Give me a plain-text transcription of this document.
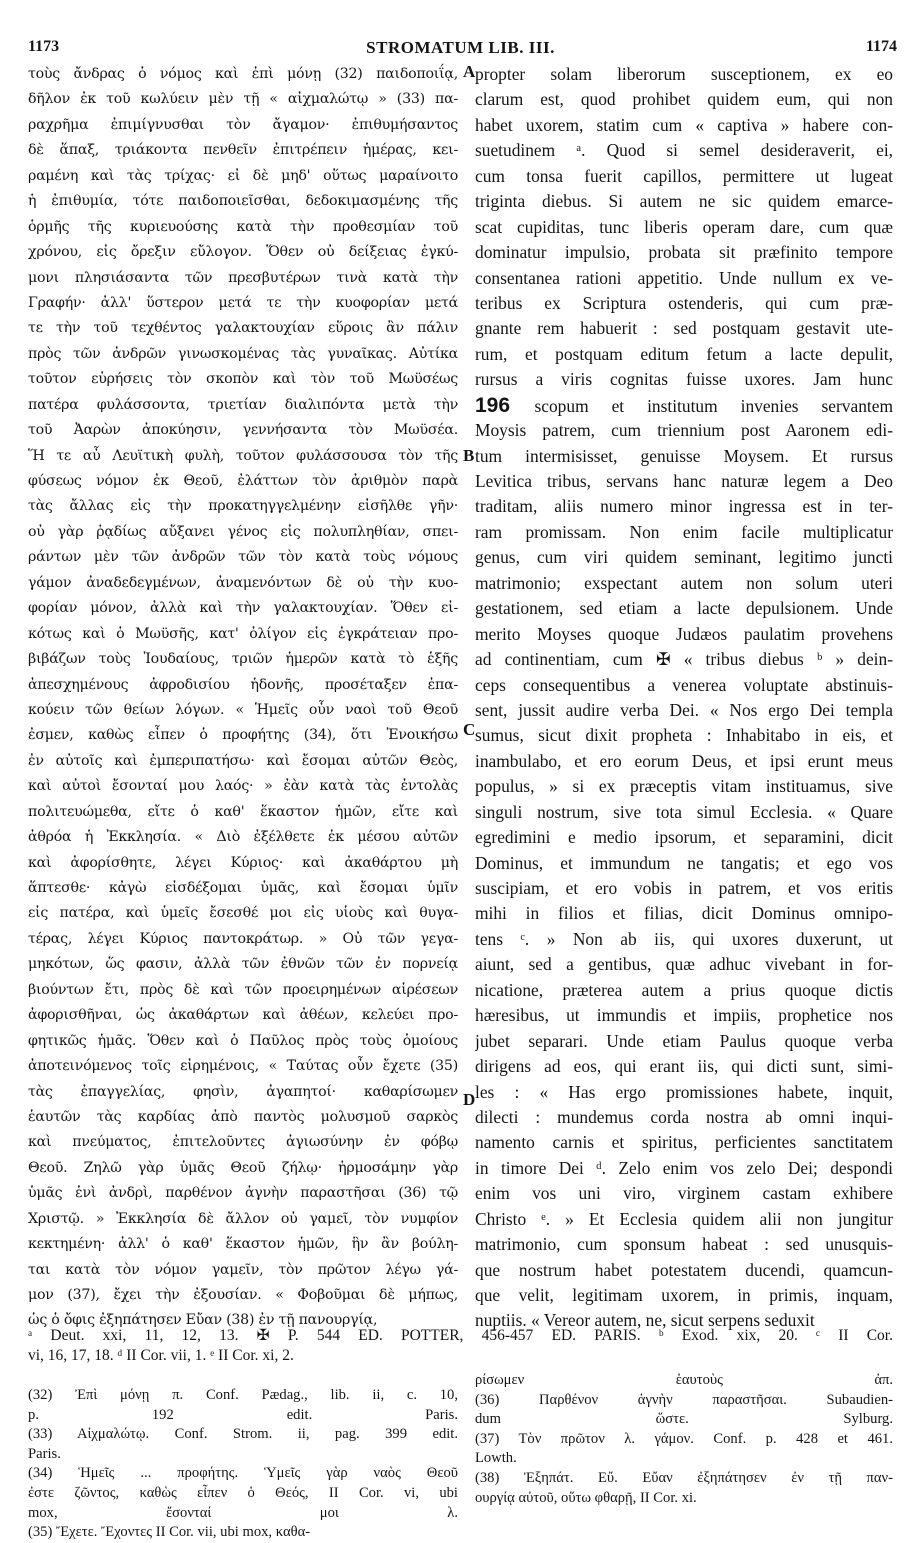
1173	STROMATUM LIB. III.	1174
τοὺς ἄνδρας ὁ νόμος καὶ ἐπὶ μόνῃ (32) παιδοποιΐᾳ,
δῆλον ἐκ τοῦ κωλύειν μὲν τῇ « αἰχμαλώτῳ » (33) πα-
ραχρῆμα ἐπιμίγνυσθαι τὸν ἄγαμον· ἐπιθυμήσαντος
δὲ ἅπαξ, τριάκοντα πενθεῖν ἐπιτρέπειν ἡμέρας, κει-
ραμένη καὶ τὰς τρίχας· εἰ δὲ μηδ' οὕτως μαραίνοιτο
ἡ ἐπιθυμία, τότε παιδοποιεῖσθαι, δεδοκιμασμένης τῆς
ὁρμῆς τῆς κυριευούσης κατὰ τὴν προθεσμίαν τοῦ
χρόνου, εἰς ὄρεξιν εὔλογον. Ὅθεν οὐ δείξειας ἐγκύ-
μονι πλησιάσαντα τῶν πρεσβυτέρων τινὰ κατὰ τὴν
Γραφήν· ἀλλ' ὕστερον μετά τε τὴν κυοφορίαν μετά
τε τὴν τοῦ τεχθέντος γαλακτουχίαν εὕροις ἂν πάλιν
πρὸς τῶν ἀνδρῶν γινωσκομένας τὰς γυναῖκας. Αὐτίκα
τοῦτον εὑρήσεις τὸν σκοπὸν καὶ τὸν τοῦ Μωϋσέως
πατέρα φυλάσσοντα, τριετίαν διαλιπόντα μετὰ τὴν
τοῦ Ἀαρὼν ἀποκύησιν, γεννήσαντα τὸν Μωϋσέα.
Ἥ τε αὖ Λευϊτικὴ φυλὴ, τοῦτον φυλάσσουσα τὸν τῆς
φύσεως νόμον ἐκ Θεοῦ, ἐλάττων τὸν ἀριθμὸν παρὰ
τὰς ἄλλας εἰς τὴν προκατηγγελμένην εἰσῆλθε γῆν·
οὐ γὰρ ῥᾳδίως αὔξανει γένος εἰς πολυπληθίαν, σπει-
ράντων μὲν τῶν ἀνδρῶν τῶν τὸν κατὰ τοὺς νόμους
γάμον ἀναδεδεγμένων, ἀναμενόντων δὲ οὐ τὴν κυο-
φορίαν μόνον, ἀλλὰ καὶ τὴν γαλακτουχίαν. Ὅθεν εἰ-
κότως καὶ ὁ Μωϋσῆς, κατ' ὀλίγον εἰς ἐγκράτειαν προ-
βιβάζων τοὺς Ἰουδαίους, τριῶν ἡμερῶν κατὰ τὸ ἑξῆς
ἀπεσχημένους ἀφροδισίου ἡδονῆς, προσέταξεν ἐπα-
κούειν τῶν θείων λόγων. « Ἡμεῖς οὖν ναοὶ τοῦ Θεοῦ
ἐσμεν, καθὼς εἶπεν ὁ προφήτης (34), ὅτι Ἐνοικήσω
ἐν αὐτοῖς καὶ ἐμπεριπατήσω· καὶ ἔσομαι αὐτῶν Θεὸς,
καὶ αὐτοὶ ἔσονταί μου λαός· » ἐὰν κατὰ τὰς ἐντολὰς
πολιτευώμεθα, εἴτε ὁ καθ' ἕκαστον ἡμῶν, εἴτε καὶ
ἀθρόα ἡ Ἐκκλησία. « Διὸ ἐξέλθετε ἐκ μέσου αὐτῶν
καὶ ἀφορίσθητε, λέγει Κύριος· καὶ ἀκαθάρτου μὴ
ἅπτεσθε· κἀγὼ εἰσδέξομαι ὑμᾶς, καὶ ἔσομαι ὑμῖν
εἰς πατέρα, καὶ ὑμεῖς ἔσεσθέ μοι εἰς υἱοὺς καὶ θυγα-
τέρας, λέγει Κύριος παντοκράτωρ. » Οὐ τῶν γεγα-
μηκότων, ὥς φασιν, ἀλλὰ τῶν ἐθνῶν τῶν ἐν πορνείᾳ
βιούντων ἔτι, πρὸς δὲ καὶ τῶν προειρημένων αἱρέσεων
ἀφορισθῆναι, ὡς ἀκαθάρτων καὶ ἀθέων, κελεύει προ-
φητικῶς ἡμᾶς. Ὅθεν καὶ ὁ Παῦλος πρὸς τοὺς ὁμοίους
ἀποτεινόμενος τοῖς εἰρημένοις, « Ταύτας οὖν ἔχετε (35)
τὰς ἐπαγγελίας, φησὶν, ἀγαπητοί· καθαρίσωμεν
ἑαυτῶν τὰς καρδίας ἀπὸ παντὸς μολυσμοῦ σαρκὸς
καὶ πνεύματος, ἐπιτελοῦντες ἁγιωσύνην ἐν φόβῳ
Θεοῦ. Ζηλῶ γὰρ ὑμᾶς Θεοῦ ζήλῳ· ἡρμοσάμην γὰρ
ὑμᾶς ἑνὶ ἀνδρὶ, παρθένον ἁγνὴν παραστῆσαι (36) τῷ
Χριστῷ. » Ἐκκλησία δὲ ἄλλον οὐ γαμεῖ, τὸν νυμφίον
κεκτημένη· ἀλλ' ὁ καθ' ἕκαστον ἡμῶν, ἣν ἂν βούλη-
ται κατὰ τὸν νόμον γαμεῖν, τὸν πρῶτον λέγω γά-
μον (37), ἔχει τὴν ἐξουσίαν. « Φοβοῦμαι δὲ μήπως,
ὡς ὁ ὄφις ἐξηπάτησεν Εὔαν (38) ἐν τῇ πανουργίᾳ,
propter solam liberorum susceptionem, ex eo
clarum est, quod prohibet quidem eum, qui non
habet uxorem, statim cum « captiva » habere con-
suetudinem ᵃ. Quod si semel desideraverit, ei,
cum tonsa fuerit capillos, permittere ut lugeat
triginta diebus. Si autem ne sic quidem emarce-
scat cupiditas, tunc liberis operam dare, cum quæ
dominatur impulsio, probata sit præfinito tempore
consentanea rationi appetitio. Unde nullum ex ve-
teribus ex Scriptura ostenderis, qui cum præ-
gnante rem habuerit : sed postquam gestavit ute-
rum, et postquam editum fetum a lacte depulit,
rursus a viris cognitas fuisse uxores. Jam hunc
196 scopum et institutum invenies servantem
Moysis patrem, cum triennium post Aaronem edi-
tum intermisisset, genuisse Moysem. Et rursus
Levitica tribus, servans hanc naturæ legem a Deo
traditam, aliis numero minor ingressa est in ter-
ram promissam. Non enim facile multiplicatur
genus, cum viri quidem seminant, legitimo juncti
matrimonio; exspectant autem non solum uteri
gestationem, sed etiam a lacte depulsionem. Unde
merito Moyses quoque Judæos paulatim provehens
ad continentiam, cum ✠ « tribus diebus ᵇ » dein-
ceps consequentibus a venerea voluptate abstinuis-
sent, jussit audire verba Dei. « Nos ergo Dei templa
sumus, sicut dixit propheta : Inhabitabo in eis, et
inambulabo, et ero eorum Deus, et ipsi erunt meus
populus, » si ex præceptis vitam instituamus, sive
singuli nostrum, sive tota simul Ecclesia. « Quare
egredimini e medio ipsorum, et separamini, dicit
Dominus, et immundum ne tangatis; et ego vos
suscipiam, et ero vobis in patrem, et vos eritis
mihi in filios et filias, dicit Dominus omnipo-
tens ᶜ. » Non ab iis, qui uxores duxerunt, ut
aiunt, sed a gentibus, quæ adhuc vivebant in for-
nicatione, præterea autem a prius quoque dictis
hæresibus, ut immundis et impiis, prophetice nos
jubet separari. Unde etiam Paulus quoque verba
dirigens ad eos, qui erant iis, qui dicti sunt, simi-
les : « Has ergo promissiones habete, inquit,
dilecti : mundemus corda nostra ab omni inqui-
namento carnis et spiritus, perficientes sanctitatem
in timore Dei ᵈ. Zelo enim vos zelo Dei; despondi
enim vos uni viro, virginem castam exhibere
Christo ᵉ. » Et Ecclesia quidem alii non jungitur
matrimonio, cum sponsum habeat : sed unusquis-
que nostrum habet potestatem ducendi, quamcun-
que velit, legitimam uxorem, in primis, inquam,
nuptiis. « Vereor autem, ne, sicut serpens seduxit
A
B
C
D
ᵃ Deut. xxi, 11, 12, 13. ✠ P. 544 ED. POTTER, 456-457 ED. PARIS. ᵇ Exod. xix, 20. ᶜ II Cor.
vi, 16, 17, 18. ᵈ II Cor. vii, 1. ᵉ II Cor. xi, 2.
(32) Ἐπὶ μόνῃ π. Conf. Pædag., lib. ii, c. 10,
p. 192 edit. Paris.
(33) Αἰχμαλώτῳ. Conf. Strom. ii, pag. 399 edit.
Paris.
(34) Ἡμεῖς ... προφήτης. Ὑμεῖς γὰρ ναὸς Θεοῦ
ἐστε ζῶντος, καθὼς εἶπεν ὁ Θεός, II Cor. vi, ubi
mox, ἔσονταί μοι λ.
(35) Ἔχετε. Ἔχοντες II Cor. vii, ubi mox, καθα-
ρίσωμεν ἑαυτοὺς ἀπ.
(36) Παρθένον ἁγνὴν παραστῆσαι. Subaudien-
dum ὥστε. Sylburg.
(37) Τὸν πρῶτον λ. γάμον. Conf. p. 428 et 461.
Lowth.
(38) Ἐξηπάτ. Εὔ. Εὔαν ἐξηπάτησεν ἐν τῇ παν-
ουργίᾳ αὐτοῦ, οὕτω φθαρῇ, II Cor. xi.
